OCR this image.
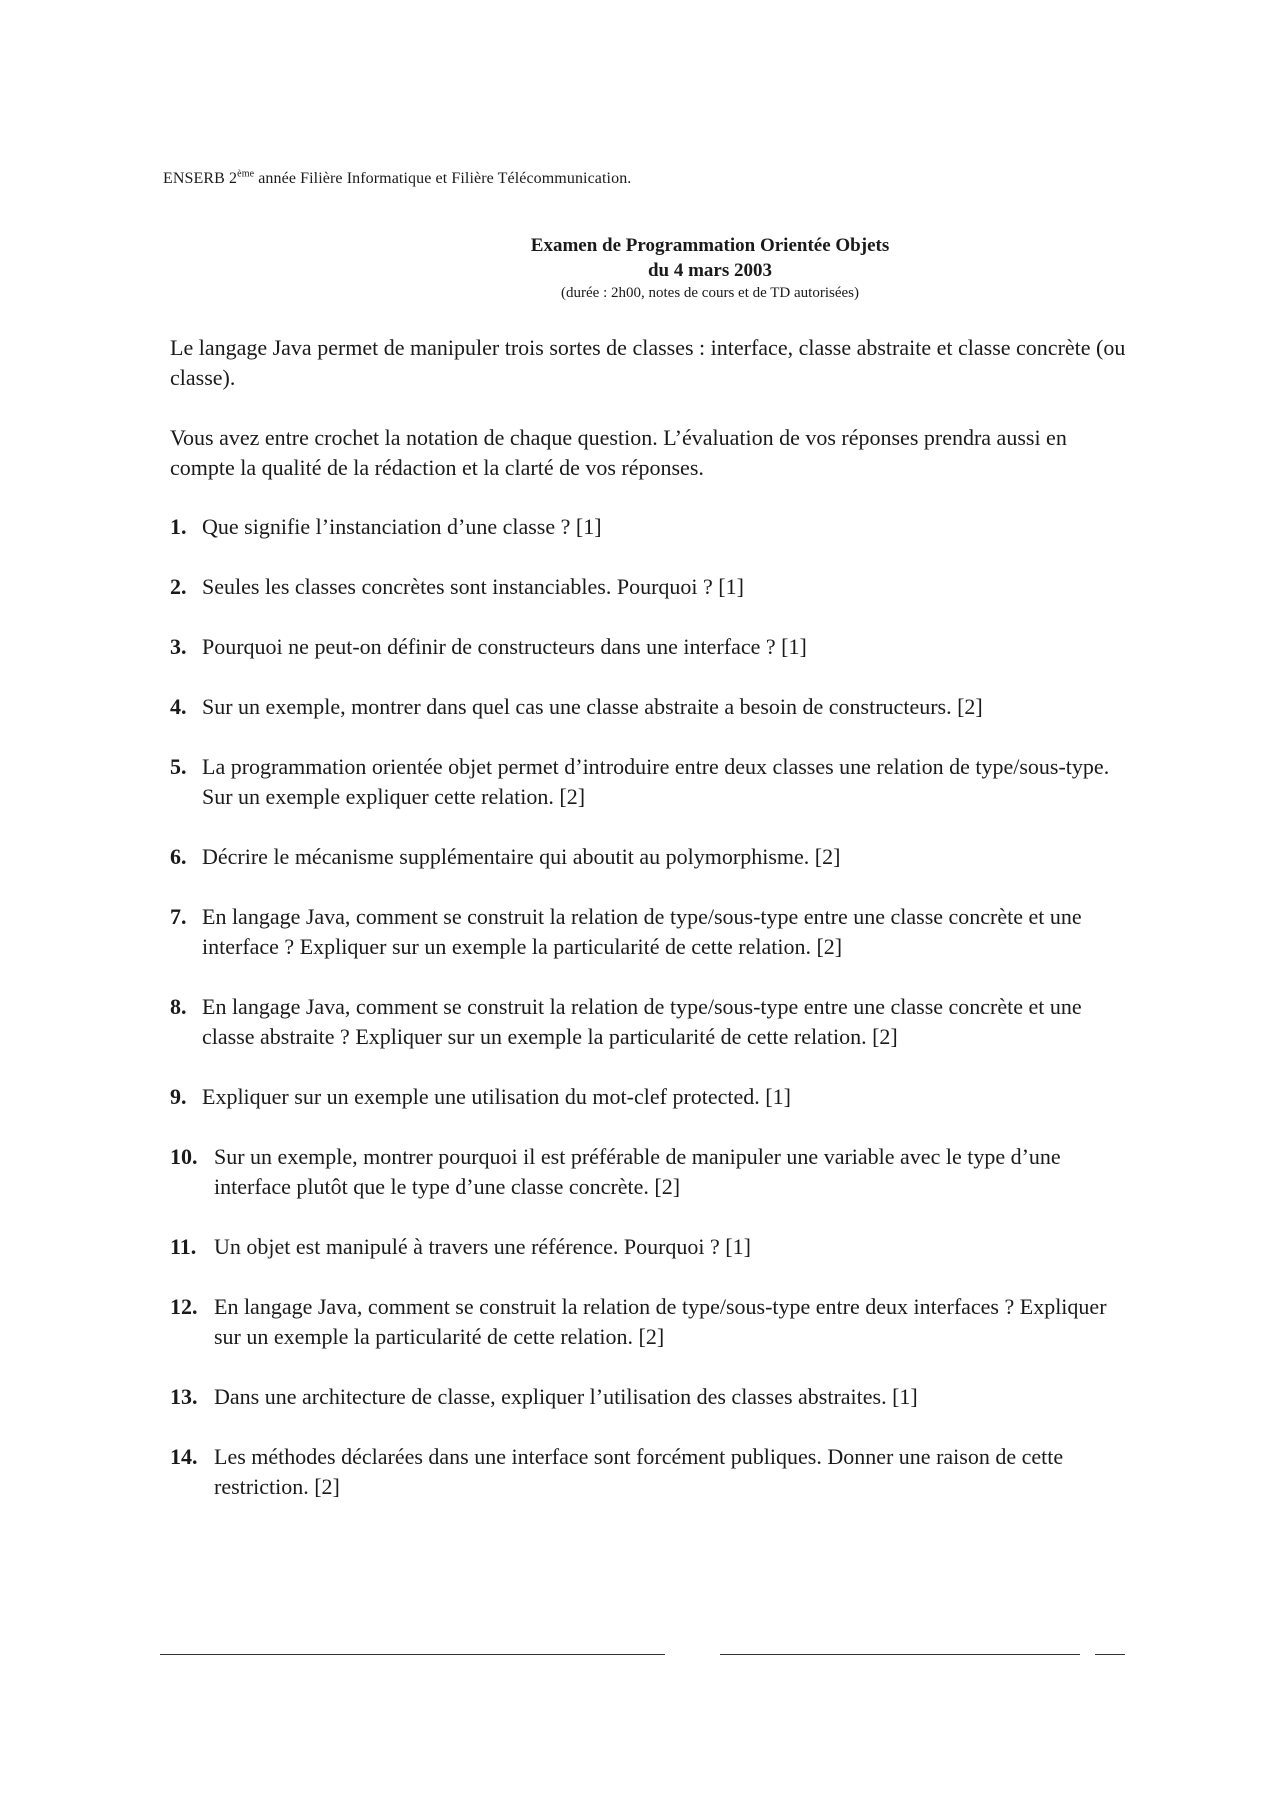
ENSERB 2ème année Filière Informatique et Filière Télécommunication.
Examen de Programmation Orientée Objets
du 4 mars 2003
(durée : 2h00, notes de cours et de TD autorisées)

Le langage Java permet de manipuler trois sortes de classes : interface, classe abstraite et classe concrète (ou classe).

Vous avez entre crochet la notation de chaque question. L’évaluation de vos réponses prendra aussi en compte la qualité de la rédaction et la clarté de vos réponses.

1. Que signifie l’instanciation d’une classe ? [1]
2. Seules les classes concrètes sont instanciables. Pourquoi ? [1]
3. Pourquoi ne peut-on définir de constructeurs dans une interface ? [1]
4. Sur un exemple, montrer dans quel cas une classe abstraite a besoin de constructeurs. [2]
5. La programmation orientée objet permet d’introduire entre deux classes une relation de type/sous-type. Sur un exemple expliquer cette relation. [2]
6. Décrire le mécanisme supplémentaire qui aboutit au polymorphisme. [2]
7. En langage Java, comment se construit la relation de type/sous-type entre une classe concrète et une interface ? Expliquer sur un exemple la particularité de cette relation. [2]
8. En langage Java, comment se construit la relation de type/sous-type entre une classe concrète et une classe abstraite ? Expliquer sur un exemple la particularité de cette relation. [2]
9. Expliquer sur un exemple une utilisation du mot-clef protected. [1]
10. Sur un exemple, montrer pourquoi il est préférable de manipuler une variable avec le type d’une interface plutôt que le type d’une classe concrète. [2]
11. Un objet est manipulé à travers une référence. Pourquoi ? [1]
12. En langage Java, comment se construit la relation de type/sous-type entre deux interfaces ? Expliquer sur un exemple la particularité de cette relation. [2]
13. Dans une architecture de classe, expliquer l’utilisation des classes abstraites. [1]
14. Les méthodes déclarées dans une interface sont forcément publiques. Donner une raison de cette restriction. [2]
